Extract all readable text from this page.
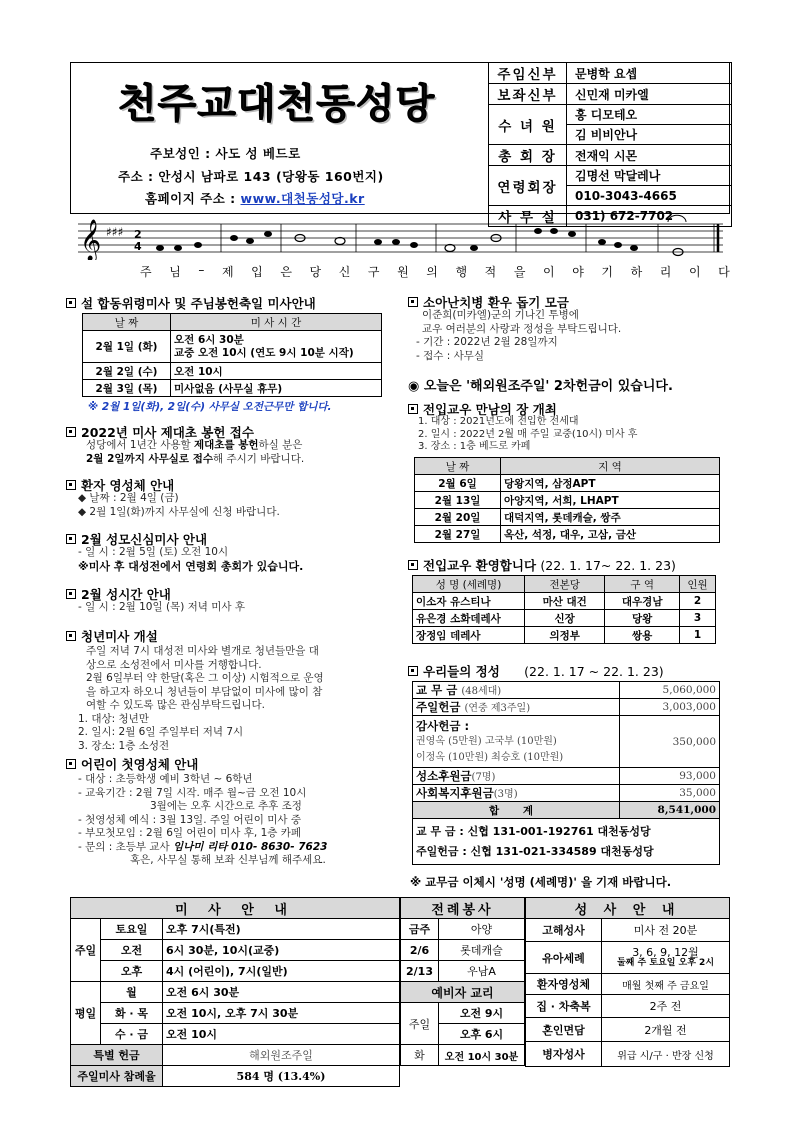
천주교대천동성당
주보성인 : 사도 성 베드로
주소 : 안성시 남파로 143 (당왕동 160번지)
홈페이지 주소 : www.대천동성당.kr
주임신부	문병학 요셉
보좌신부	신민재 미카엘
수 녀 원	홍 디모테오
	김 비비안나
총 회 장	전재익 시몬
연령회장	김명선 막달레나
	010-3043-4665
사 무 실	031) 672-7702
𝄞 ♯♯♯ 2
4
주 님 – 제 입 은 당 신 구 원 의 행 적 을 이 야 기 하 리 이 다
설 합동위령미사 및 주님봉헌축일 미사안내
날 짜	미 사 시 간
2월 1일 (화)	오전 6시 30분
교중 오전 10시 (연도 9시 10분 시작)

2월 2일 (수)	오전 10시
2월 3일 (목)	미사없음 (사무실 휴무)
※ 2월 1일(화), 2일(수) 사무실 오전근무만 합니다.
2022년 미사 제대초 봉헌 접수
성당에서 1년간 사용할 제대초를 봉헌하실 분은
2월 2일까지 사무실로 접수해 주시기 바랍니다.
환자 영성체 안내
◆ 날짜 : 2월 4일 (금)
◆ 2월 1일(화)까지 사무실에 신청 바랍니다.
2월 성모신심미사 안내
- 일 시 : 2월 5일 (토) 오전 10시
※미사 후 대성전에서 연령회 총회가 있습니다.
2월 성시간 안내
- 일 시 : 2월 10일 (목) 저녁 미사 후
청년미사 개설
주일 저녁 7시 대성전 미사와 별개로 청년들만을 대
상으로 소성전에서 미사를 거행합니다.
2월 6일부터 약 한달(혹은 그 이상) 시험적으로 운영
을 하고자 하오니 청년들이 부담없이 미사에 많이 참
여할 수 있도록 많은 관심부탁드립니다.
1. 대상: 청년만
2. 일시: 2월 6일 주일부터 저녁 7시
3. 장소: 1층 소성전
어린이 첫영성체 안내
- 대상 : 초등학생 예비 3학년 ~ 6학년
- 교육기간 : 2월 7일 시작. 매주 월~금 오전 10시
3월에는 오후 시간으로 추후 조정
- 첫영성체 예식 : 3월 13일. 주일 어린이 미사 중
- 부모첫모임 : 2월 6일 어린이 미사 후, 1층 카페
- 문의 : 초등부 교사 임나미 리타 010- 8630- 7623
혹은, 사무실 통해 보좌 신부님께 해주세요.
소아난치병 환우 돕기 모금
이준희(미카엘)군의 기나긴 투병에
교우 여러분의 사랑과 정성을 부탁드립니다.
- 기간 : 2022년 2월 28일까지
- 접수 : 사무실
◉ 오늘은 '해외원조주일' 2차헌금이 있습니다.
전입교우 만남의 장 개최
1. 대상 : 2021년도에 전입한 전세대
2. 일시 : 2022년 2월 매 주일 교중(10시) 미사 후
3. 장소 : 1층 베드로 카페
날 짜	지 역
2월 6일	당왕지역, 삼정APT
2월 13일	아양지역, 서희, LHAPT
2월 20일	대덕지역, 롯데캐슬, 쌍주
2월 27일	옥산, 석정, 대우, 고삼, 금산
전입교우 환영합니다 (22. 1. 17~ 22. 1. 23)
성 명 (세례명)	전본당	구 역	인원
이소자 유스티나	마산 대건	대우경남	2
유은경 소화데레사	신장	당왕	3
장정임 데레사	의정부	쌍용	1
우리들의 정성 (22. 1. 17 ~ 22. 1. 23)
교 무 금 (48세대)	5,060,000
주일헌금 (연중 제3주일)	3,003,000

감사헌금 :
권영옥 (5만원) 고국부 (10만원)
이정옥 (10만원) 최승호 (10만원)	350,000
성소후원금(7명)	93,000
사회복지후원금(3명)	35,000
합 계	8,541,000

교 무 금 : 신협 131-001-192761 대천동성당
주일헌금 : 신협 131-021-334589 대천동성당	
※ 교무금 이체시 '성명 (세례명)' 을 기재 바랍니다.
미 사 안 내		
주일	토요일	오후 7시(특전)
	오전	6시 30분, 10시(교중)
	오후	4시 (어린이), 7시(일반)
평일	월	오전 6시 30분
	화 · 목	오전 10시, 오후 7시 30분
	수 · 금	오전 10시
특별 헌금		해외원조주일
주일미사 참례율		584 명 (13.4%)
전례봉사	
금주	아양
2/6	롯데캐슬
2/13	우남A
예비자 교리	
주일	오전 9시
	오후 6시
화	오전 10시 30분
성 사 안 내	
고해성사	미사 전 20분
유아세례	3, 6, 9, 12월
둘째 주 토요일 오후 2시

환자영성체	매월 첫째 주 금요일
집 · 차축복	2주 전
혼인면담	2개월 전
병자성사	위급 시/구 · 반장 신청
